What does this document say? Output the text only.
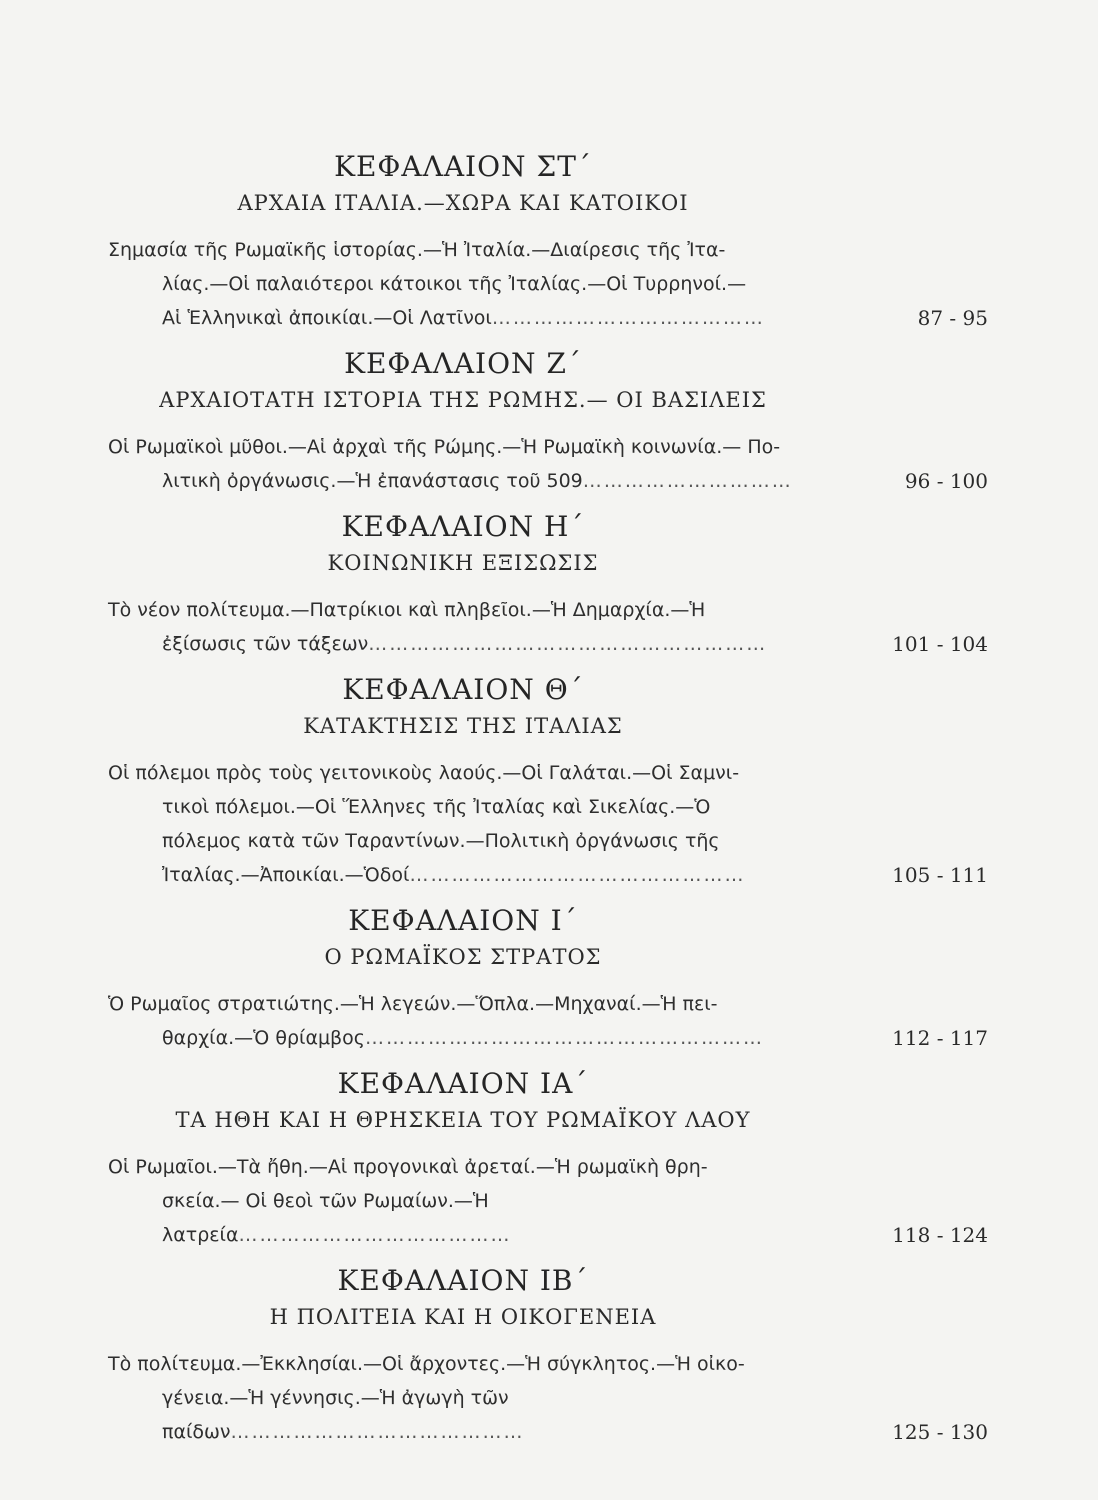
ΚΕΦΑΛΑΙΟΝ ΣΤ΄
ΑΡΧΑΙΑ ΙΤΑΛΙΑ.—ΧΩΡΑ ΚΑΙ ΚΑΤΟΙΚΟΙ
Σημασία τῆς Ρωμαϊκῆς ἱστορίας.—Ἡ Ἰταλία.—Διαίρεσις τῆς Ἰτα-
λίας.—Οἱ παλαιότεροι κάτοικοι τῆς Ἰταλίας.—Οἱ Τυρρηνοί.—
Αἱ Ἑλληνικαὶ ἀποικίαι.—Οἱ Λατῖνοι…………………………………	87 - 95
ΚΕΦΑΛΑΙΟΝ Ζ΄
ΑΡΧΑΙΟΤΑΤΗ ΙΣΤΟΡΙΑ ΤΗΣ ΡΩΜΗΣ.— ΟΙ ΒΑΣΙΛΕΙΣ
Οἱ Ρωμαϊκοὶ μῦθοι.—Αἱ ἀρχαὶ τῆς Ρώμης.—Ἡ Ρωμαϊκὴ κοινωνία.— Πο-
λιτικὴ ὀργάνωσις.—Ἡ ἐπανάστασις τοῦ 509…………………………	96 - 100
ΚΕΦΑΛΑΙΟΝ Η΄
ΚΟΙΝΩΝΙΚΗ ΕΞΙΣΩΣΙΣ
Τὸ νέον πολίτευμα.—Πατρίκιοι καὶ πληβεῖοι.—Ἡ Δημαρχία.—Ἡ
ἐξίσωσις τῶν τάξεων…………………………………………………	101 - 104
ΚΕΦΑΛΑΙΟΝ Θ΄
ΚΑΤΑΚΤΗΣΙΣ ΤΗΣ ΙΤΑΛΙΑΣ
Οἱ πόλεμοι πρὸς τοὺς γειτονικοὺς λαούς.—Οἱ Γαλάται.—Οἱ Σαμνι-
τικοὶ πόλεμοι.—Οἱ Ἕλληνες τῆς Ἰταλίας καὶ Σικελίας.—Ὁ
πόλεμος κατὰ τῶν Ταραντίνων.—Πολιτικὴ ὀργάνωσις τῆς
Ἰταλίας.—Ἀποικίαι.—Ὁδοί…………………………………………	105 - 111
ΚΕΦΑΛΑΙΟΝ Ι΄
Ο ΡΩΜΑΪΚΟΣ ΣΤΡΑΤΟΣ
Ὁ Ρωμαῖος στρατιώτης.—Ἡ λεγεών.—Ὅπλα.—Μηχαναί.—Ἡ πει-
θαρχία.—Ὁ θρίαμβος…………………………………………………	112 - 117
ΚΕΦΑΛΑΙΟΝ ΙΑ΄
ΤΑ ΗΘΗ ΚΑΙ Η ΘΡΗΣΚΕΙΑ ΤΟΥ ΡΩΜΑΪΚΟΥ ΛΑΟΥ
Οἱ Ρωμαῖοι.—Τὰ ἤθη.—Αἱ προγονικαὶ ἀρεταί.—Ἡ ρωμαϊκὴ θρη-
σκεία.— Οἱ θεοὶ τῶν Ρωμαίων.—Ἡ λατρεία…………………………………	118 - 124
ΚΕΦΑΛΑΙΟΝ ΙΒ΄
Η ΠΟΛΙΤΕΙΑ ΚΑΙ Η ΟΙΚΟΓΕΝΕΙΑ
Τὸ πολίτευμα.—Ἐκκλησίαι.—Οἱ ἄρχοντες.—Ἡ σύγκλητος.—Ἡ οἰκο-
γένεια.—Ἡ γέννησις.—Ἡ ἀγωγὴ τῶν παίδων……………………………………	125 - 130
